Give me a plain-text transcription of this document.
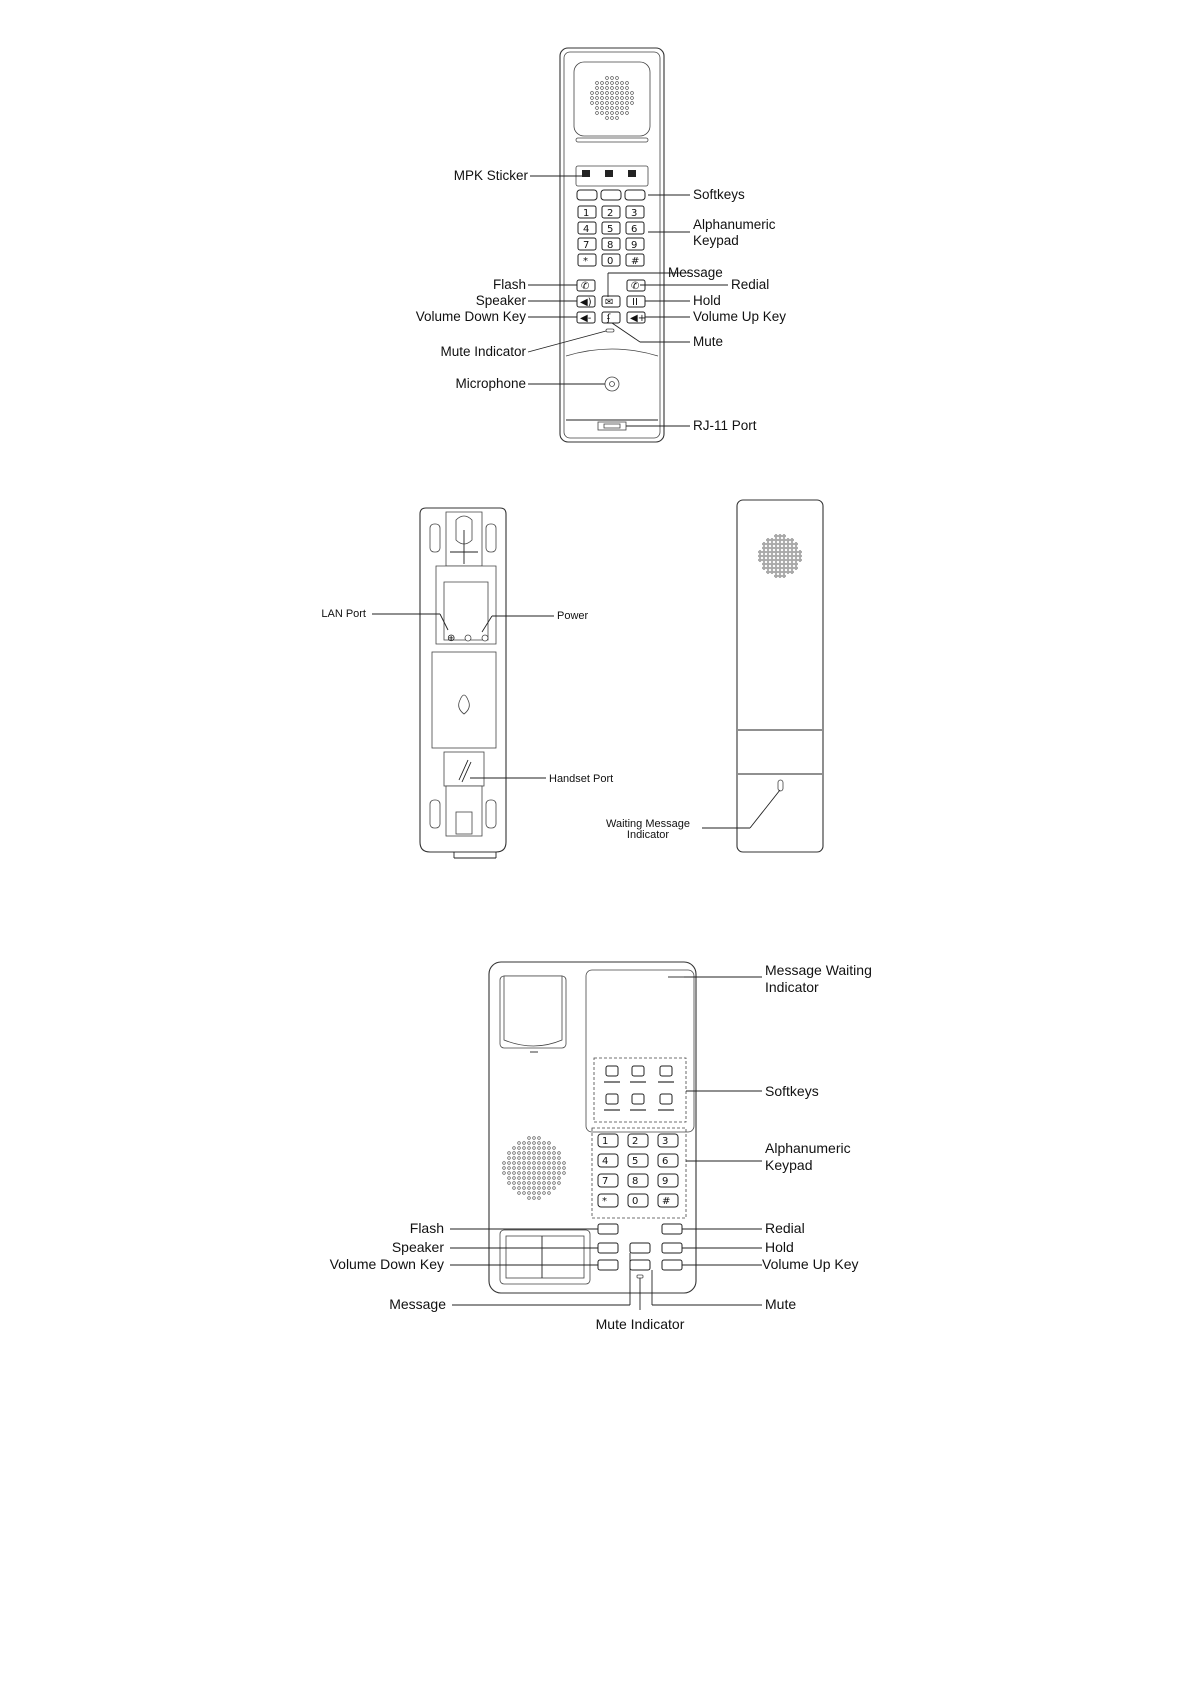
1 2 3
4 5 6
7 8 9
* 0 #
✆	✆
◀) ✉ II
◀- ʄ ◀+
MPK Sticker
Softkeys
Alphanumeric
Keypad
Message
Redial
Flash
Speaker	Hold
Volume Down Key	Volume Up Key
Mute Indicator
Mute
Microphone
RJ-11 Port
⊕
LAN Port	Power
Handset Port
Waiting Message
Indicator
1 2 3
4 5 6
7 8 9
*	0 #
Message Waiting
Indicator
Softkeys
Alphanumeric
Keypad
Flash
Speaker
Volume Down Key
Message
Redial
Hold
Volume Up Key
Mute
Mute Indicator
